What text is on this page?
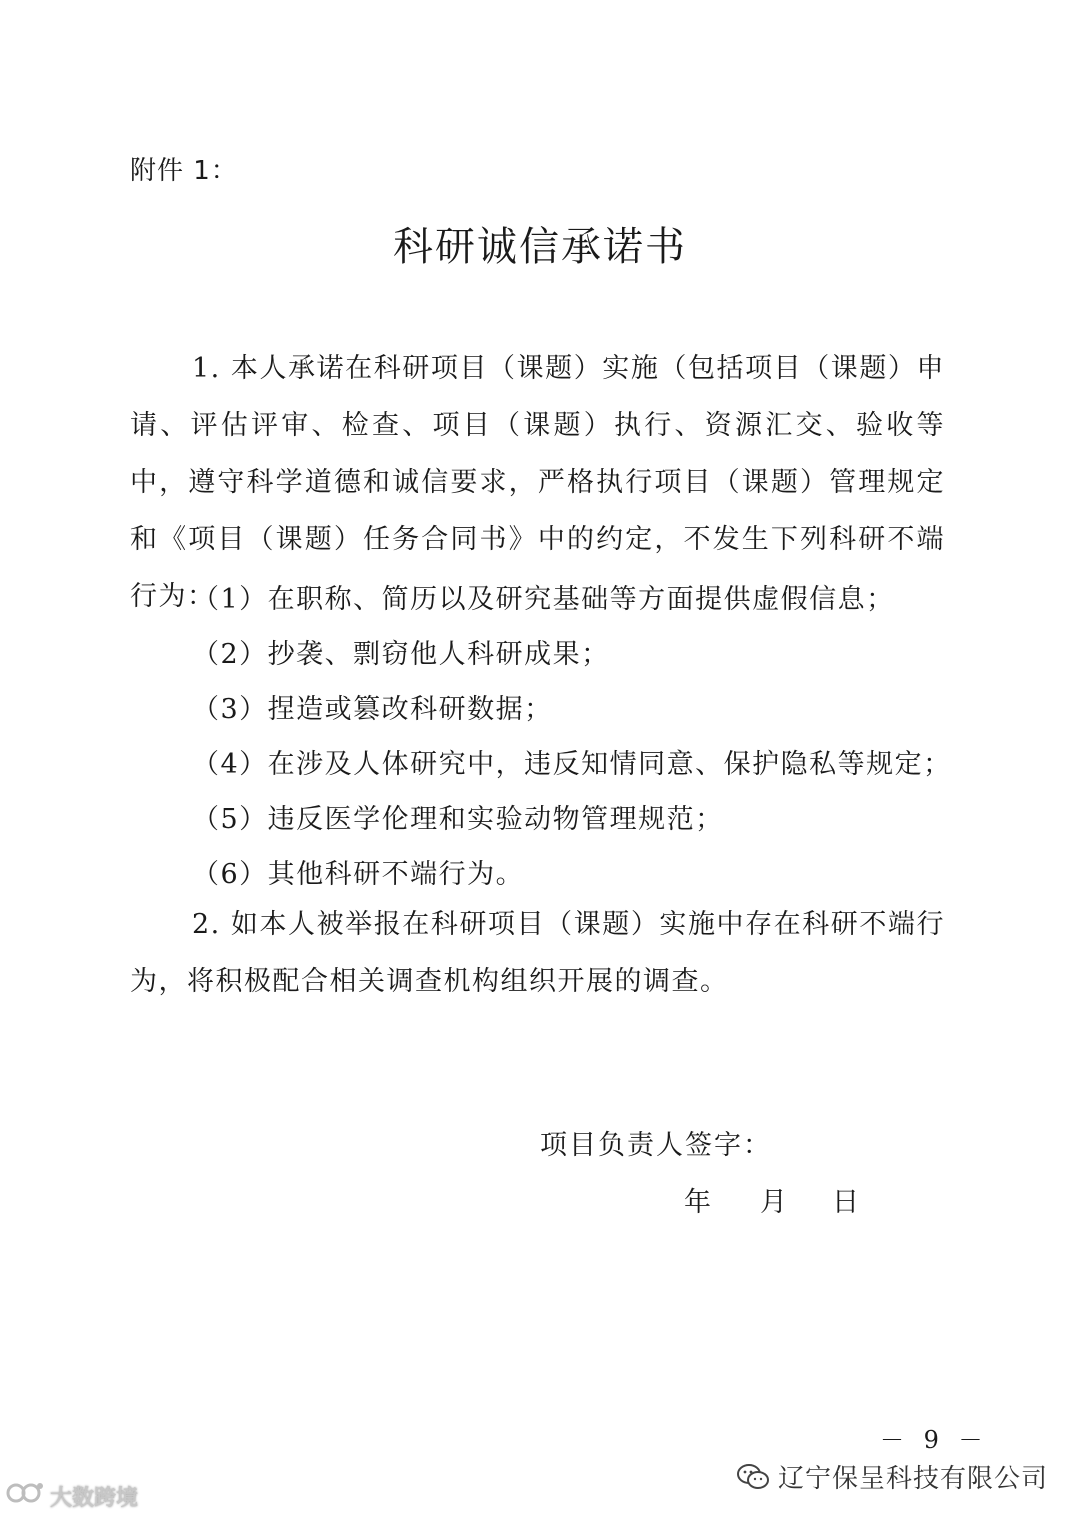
附件 1：
科研诚信承诺书

1. 本人承诺在科研项目（课题）实施（包括项目（课题）申请、评估评审、检查、项目（课题）执行、资源汇交、验收等中，遵守科学道德和诚信要求，严格执行项目（课题）管理规定和《项目（课题）任务合同书》中的约定，不发生下列科研不端行为：

（1）在职称、简历以及研究基础等方面提供虚假信息；
（2）抄袭、剽窃他人科研成果；
（3）捏造或篡改科研数据；
（4）在涉及人体研究中，违反知情同意、保护隐私等规定；
（5）违反医学伦理和实验动物管理规范；
（6）其他科研不端行为。

2. 如本人被举报在科研项目（课题）实施中存在科研不端行为，将积极配合相关调查机构组织开展的调查。

项目负责人签字：
年 月 日
－ 9 －
大数跨境
辽宁保呈科技有限公司
